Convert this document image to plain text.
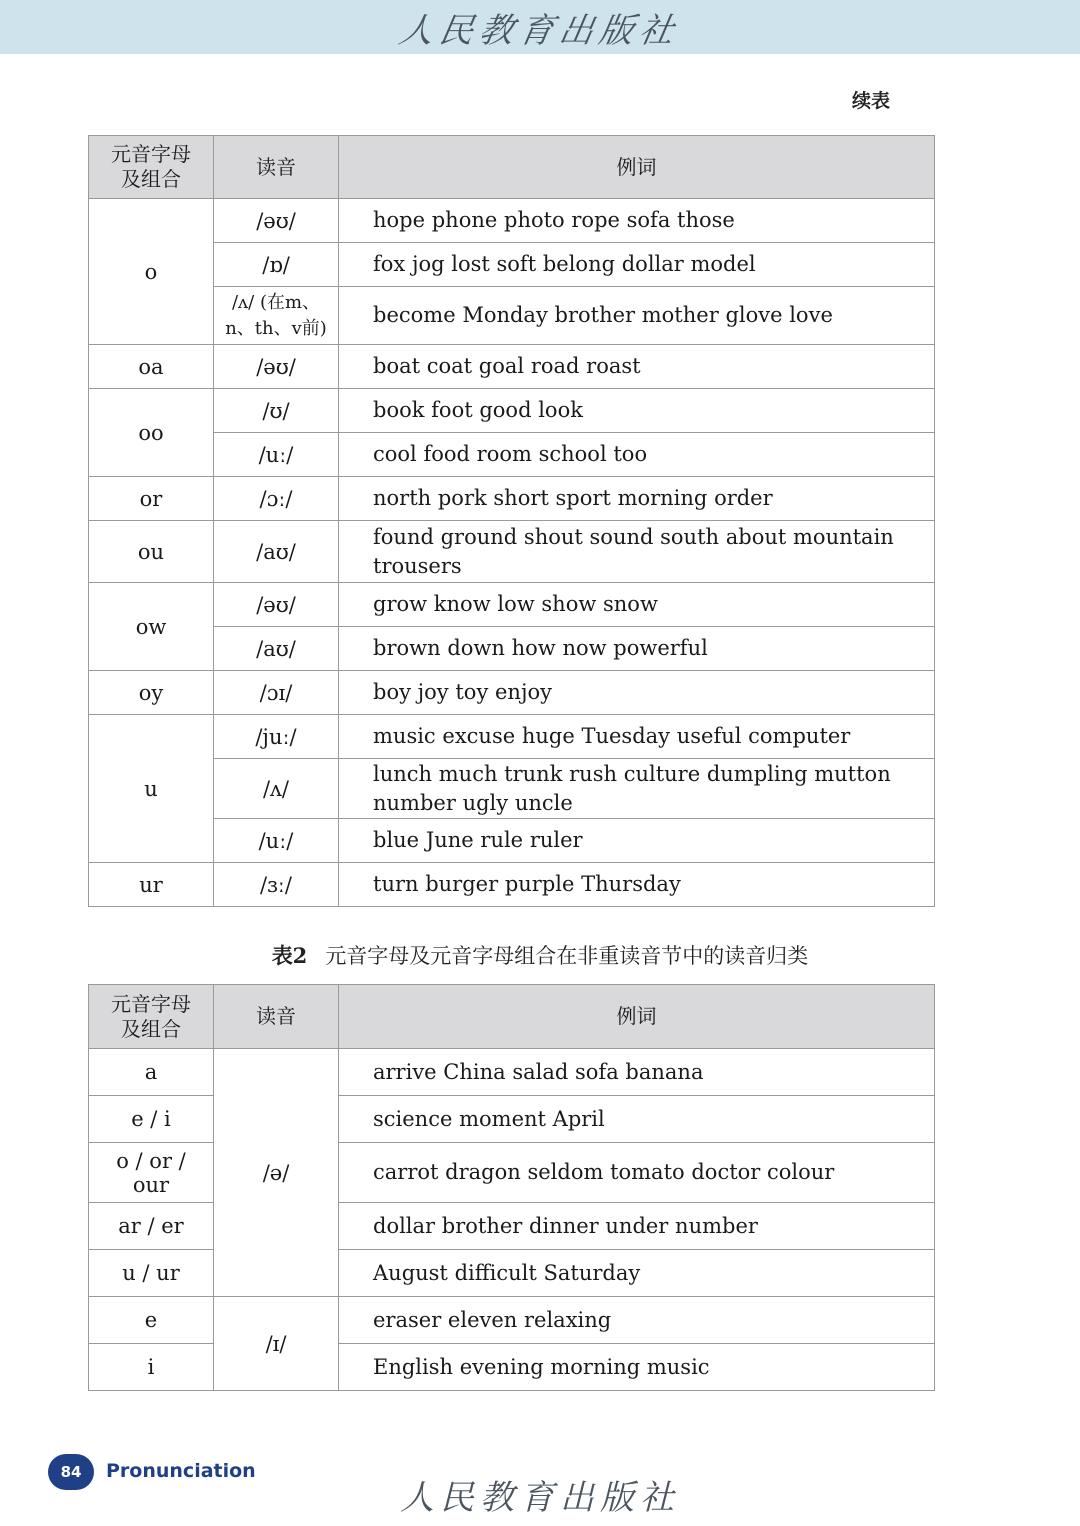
人民教育出版社
续表
元音字母
及组合	读音	例词
o	/əʊ/	hope phone photo rope sofa those
	/ɒ/	fox jog lost soft belong dollar model
	/ʌ/ (在m、n、th、v前)	become Monday brother mother glove love
oa	/əʊ/	boat coat goal road roast
oo	/ʊ/	book foot good look
	/uː/	cool food room school too
or	/ɔː/	north pork short sport morning order
ou	/aʊ/	found ground shout sound south about mountain trousers
ow	/əʊ/	grow know low show snow
	/aʊ/	brown down how now powerful
oy	/ɔɪ/	boy joy toy enjoy
u	/juː/	music excuse huge Tuesday useful computer
	/ʌ/	lunch much trunk rush culture dumpling mutton number ugly uncle
	/uː/	blue June rule ruler
ur	/ɜː/	turn burger purple Thursday
表2 元音字母及元音字母组合在非重读音节中的读音归类
元音字母
及组合	读音	例词
a	/ə/	arrive China salad sofa banana
e / i		science moment April
o / or / our		carrot dragon seldom tomato doctor colour
ar / er		dollar brother dinner under number
u / ur		August difficult Saturday
e	/ɪ/	eraser eleven relaxing
i		English evening morning music
84	Pronunciation
人民教育出版社
